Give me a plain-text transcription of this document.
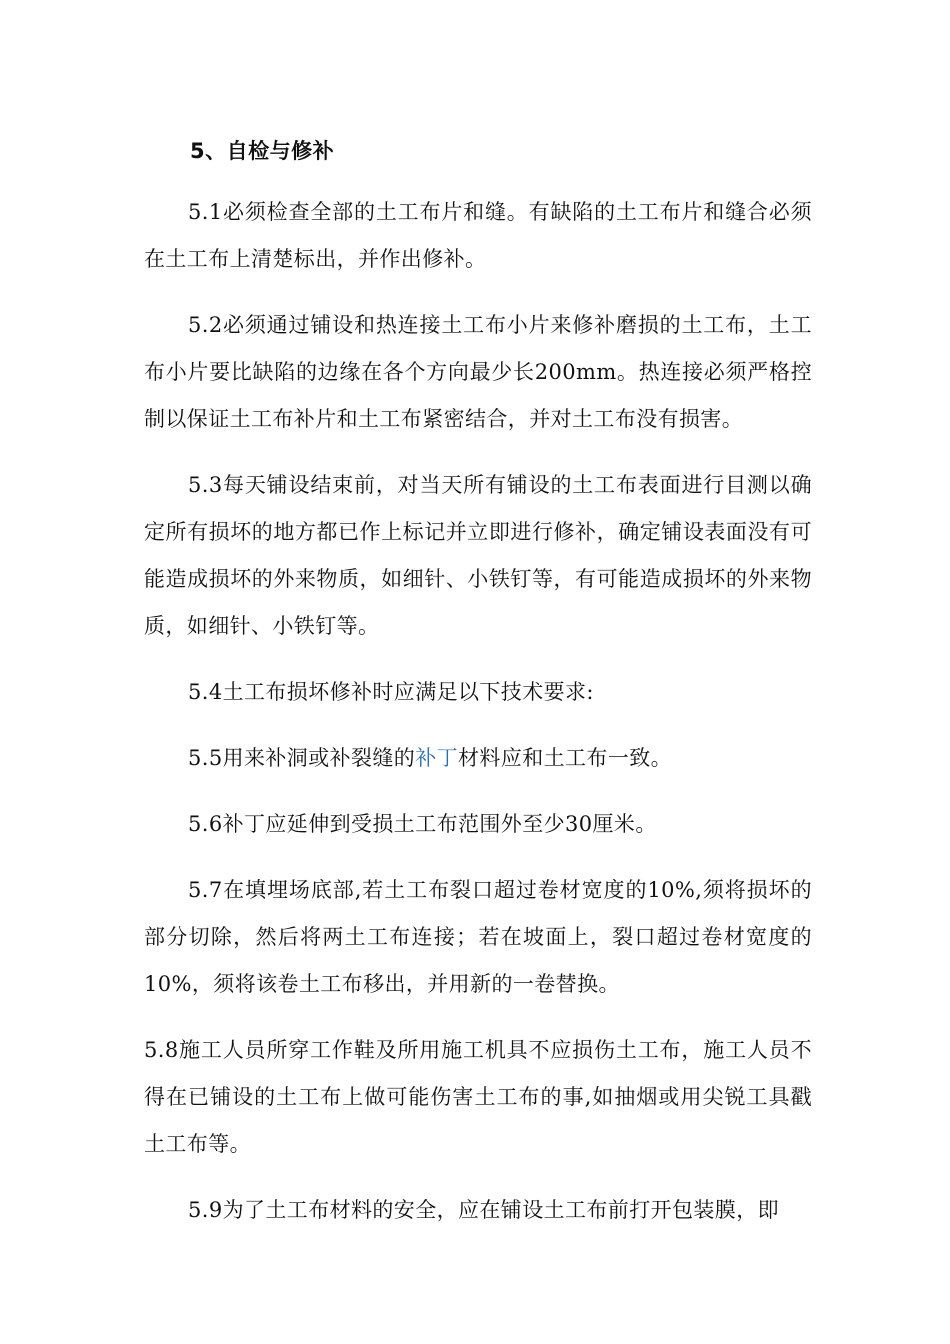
5、自检与修补

5.1必须检查全部的土工布片和缝。有缺陷的土工布片和缝合必须在土工布上清楚标出，并作出修补。

5.2必须通过铺设和热连接土工布小片来修补磨损的土工布，土工布小片要比缺陷的边缘在各个方向最少长200mm。热连接必须严格控制以保证土工布补片和土工布紧密结合，并对土工布没有损害。

5.3每天铺设结束前，对当天所有铺设的土工布表面进行目测以确定所有损坏的地方都已作上标记并立即进行修补，确定铺设表面没有可能造成损坏的外来物质，如细针、小铁钉等，有可能造成损坏的外来物质，如细针、小铁钉等。

5.4土工布损坏修补时应满足以下技术要求:

5.5用来补洞或补裂缝的补丁材料应和土工布一致。

5.6补丁应延伸到受损土工布范围外至少30厘米。

5.7在填埋场底部,若土工布裂口超过卷材宽度的10%,须将损坏的部分切除，然后将两土工布连接；若在坡面上，裂口超过卷材宽度的10%，须将该卷土工布移出，并用新的一卷替换。

5.8施工人员所穿工作鞋及所用施工机具不应损伤土工布，施工人员不得在已铺设的土工布上做可能伤害土工布的事,如抽烟或用尖锐工具戳土工布等。

5.9为了土工布材料的安全，应在铺设土工布前打开包装膜，即
